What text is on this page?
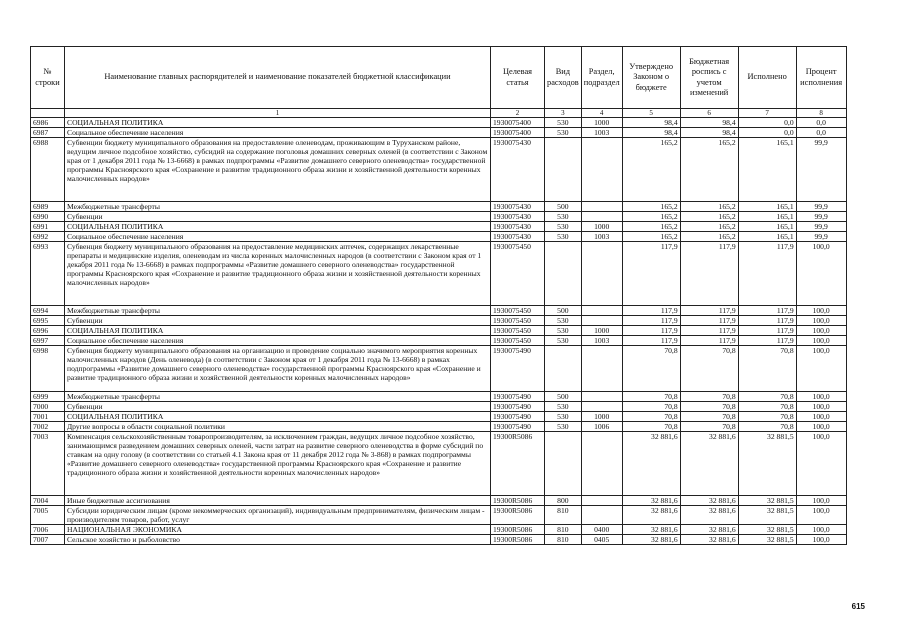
№ строки	Наименование главных распорядителей и наименование показателей бюджетной классификации	Целевая статья	Вид расходов	Раздел, подраздел	Утверждено Законом о бюджете	Бюджетная роспись с учетом изменений	Исполнено	Процент исполнения
	1	2	3	4	5	6	7	8
6986	СОЦИАЛЬНАЯ ПОЛИТИКА	1930075400	530	1000	98,4	98,4	0,0	0,0
6987	Социальное обеспечение населения	1930075400	530	1003	98,4	98,4	0,0	0,0
6988	Субвенции бюджету муниципального образования на предоставление оленеводам, проживающим в Туруханском районе, ведущим личное подсобное хозяйство, субсидий на содержание поголовья домашних северных оленей (в соответствии с Законом края от 1 декабря 2011 года № 13-6668) в рамках подпрограммы «Развитие домашнего северного оленеводства» государственной программы Красноярского края «Сохранение и развитие традиционного образа жизни и хозяйственной деятельности коренных малочисленных народов»	1930075430			165,2	165,2	165,1	99,9
6989	Межбюджетные трансферты	1930075430	500		165,2	165,2	165,1	99,9
6990	Субвенции	1930075430	530		165,2	165,2	165,1	99,9
6991	СОЦИАЛЬНАЯ ПОЛИТИКА	1930075430	530	1000	165,2	165,2	165,1	99,9
6992	Социальное обеспечение населения	1930075430	530	1003	165,2	165,2	165,1	99,9
6993	Субвенция бюджету муниципального образования на предоставление медицинских аптечек, содержащих лекарственные препараты и медицинские изделия, оленеводам из числа коренных малочисленных народов (в соответствии с Законом края от 1 декабря 2011 года № 13-6668) в рамках подпрограммы «Развитие домашнего северного оленеводства» государственной программы Красноярского края «Сохранение и развитие традиционного образа жизни и хозяйственной деятельности коренных малочисленных народов»	1930075450			117,9	117,9	117,9	100,0
6994	Межбюджетные трансферты	1930075450	500		117,9	117,9	117,9	100,0
6995	Субвенции	1930075450	530		117,9	117,9	117,9	100,0
6996	СОЦИАЛЬНАЯ ПОЛИТИКА	1930075450	530	1000	117,9	117,9	117,9	100,0
6997	Социальное обеспечение населения	1930075450	530	1003	117,9	117,9	117,9	100,0
6998	Субвенция бюджету муниципального образования на организацию и проведение социально значимого мероприятия коренных малочисленных народов (День оленевода) (в соответствии с Законом края от 1 декабря 2011 года № 13-6668) в рамках подпрограммы «Развитие домашнего северного оленеводства» государственной программы Красноярского края «Сохранение и развитие традиционного образа жизни и хозяйственной деятельности коренных малочисленных народов»	1930075490			70,8	70,8	70,8	100,0
6999	Межбюджетные трансферты	1930075490	500		70,8	70,8	70,8	100,0
7000	Субвенции	1930075490	530		70,8	70,8	70,8	100,0
7001	СОЦИАЛЬНАЯ ПОЛИТИКА	1930075490	530	1000	70,8	70,8	70,8	100,0
7002	Другие вопросы в области социальной политики	1930075490	530	1006	70,8	70,8	70,8	100,0
7003	Компенсация сельскохозяйственным товаропроизводителям, за исключением граждан, ведущих личное подсобное хозяйство, занимающимся разведением домашних северных оленей, части затрат на развитие северного оленеводства в форме субсидий по ставкам на одну голову (в соответствии со статьей 4.1 Закона края от 11 декабря 2012 года № 3-868) в рамках подпрограммы «Развитие домашнего северного оленеводства» государственной программы Красноярского края «Сохранение и развитие традиционного образа жизни и хозяйственной деятельности коренных малочисленных народов»	19300R5086			32 881,6	32 881,6	32 881,5	100,0
7004	Иные бюджетные ассигнования	19300R5086	800		32 881,6	32 881,6	32 881,5	100,0
7005	Субсидии юридическим лицам (кроме некоммерческих организаций), индивидуальным предпринимателям, физическим лицам - производителям товаров, работ, услуг	19300R5086	810		32 881,6	32 881,6	32 881,5	100,0
7006	НАЦИОНАЛЬНАЯ ЭКОНОМИКА	19300R5086	810	0400	32 881,6	32 881,6	32 881,5	100,0
7007	Сельское хозяйство и рыболовство	19300R5086	810	0405	32 881,6	32 881,6	32 881,5	100,0
615
